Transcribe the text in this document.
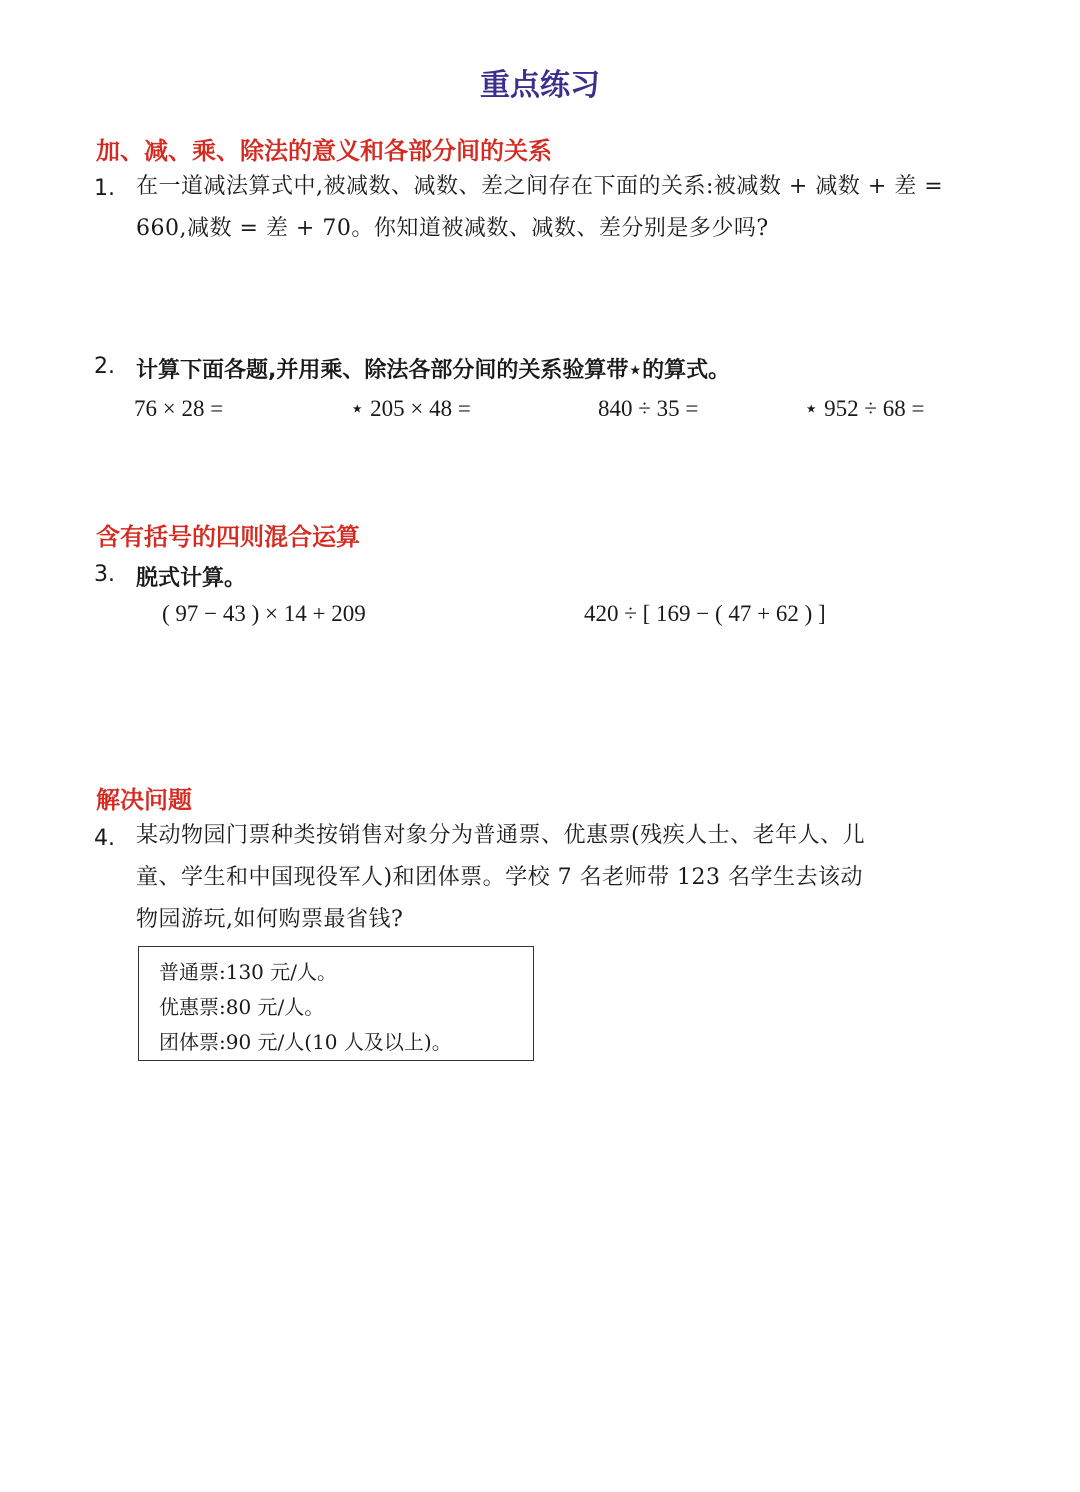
重点练习
加、减、乘、除法的意义和各部分间的关系
1. 在一道减法算式中,被减数、减数、差之间存在下面的关系:被减数 + 减数 + 差 =
660,减数 = 差 + 70。你知道被减数、减数、差分别是多少吗?
2. 计算下面各题,并用乘、除法各部分间的关系验算带⋆的算式。
76 × 28 =	⋆ 205 × 48 =	840 ÷ 35 =	⋆ 952 ÷ 68 =
含有括号的四则混合运算
3. 脱式计算。
( 97 − 43 ) × 14 + 209	420 ÷ [ 169 − ( 47 + 62 ) ]
解决问题
4. 某动物园门票种类按销售对象分为普通票、优惠票(残疾人士、老年人、儿
童、学生和中国现役军人)和团体票。学校 7 名老师带 123 名学生去该动
物园游玩,如何购票最省钱?
普通票:130 元/人。
优惠票:80 元/人。
团体票:90 元/人(10 人及以上)。
